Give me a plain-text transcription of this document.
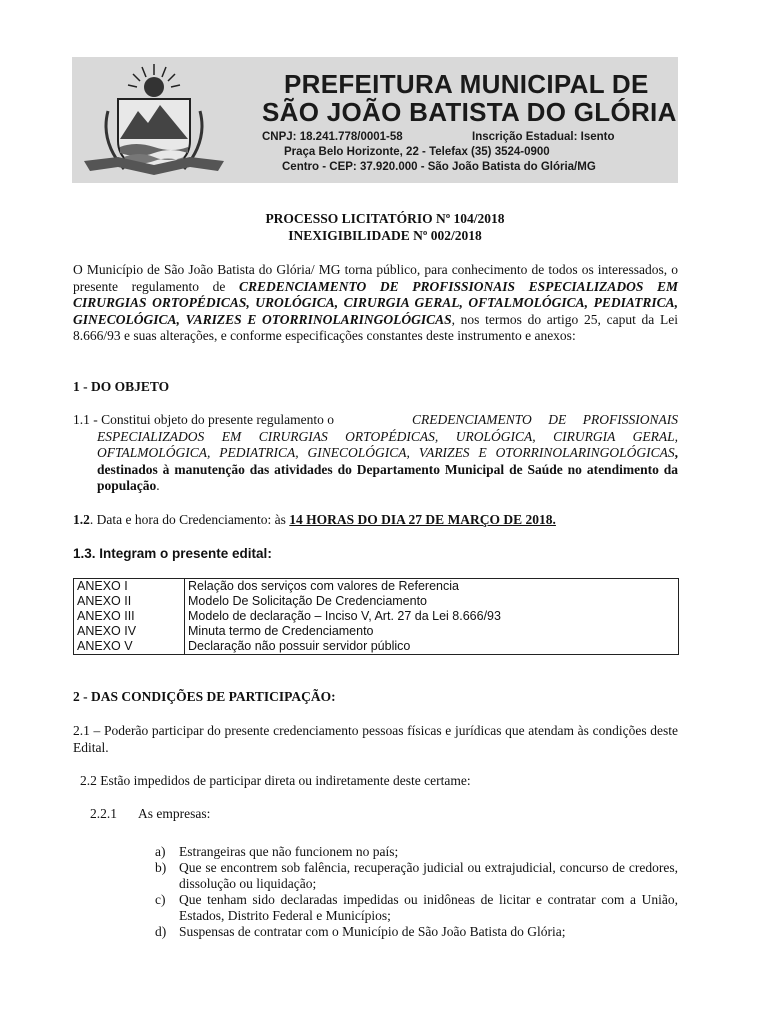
PREFEITURA MUNICIPAL DE
SÃO JOÃO BATISTA DO GLÓRIA
CNPJ: 18.241.778/0001-58	Inscrição Estadual: Isento
Praça Belo Horizonte, 22 - Telefax (35) 3524-0900
Centro - CEP: 37.920.000 - São João Batista do Glória/MG
PROCESSO LICITATÓRIO Nº 104/2018
INEXIGIBILIDADE Nº 002/2018
O Município de São João Batista do Glória/ MG torna público, para conhecimento de todos os interessados, o presente regulamento de CREDENCIAMENTO DE PROFISSIONAIS ESPECIALIZADOS EM CIRURGIAS ORTOPÉDICAS, UROLÓGICA, CIRURGIA GERAL, OFTALMOLÓGICA, PEDIATRICA, GINECOLÓGICA, VARIZES E OTORRINOLARINGOLÓGICAS, nos termos do artigo 25, caput da Lei 8.666/93 e suas alterações, e conforme especificações constantes deste instrumento e anexos:
1 - DO OBJETO
1.1 - Constitui objeto do presente regulamento o	CREDENCIAMENTO DE PROFISSIONAIS ESPECIALIZADOS EM CIRURGIAS ORTOPÉDICAS, UROLÓGICA, CIRURGIA GERAL, OFTALMOLÓGICA, PEDIATRICA, GINECOLÓGICA, VARIZES E OTORRINOLARINGOLÓGICAS, destinados à manutenção das atividades do Departamento Municipal de Saúde no atendimento da população.
1.2. Data e hora do Credenciamento: às 14 HORAS DO DIA 27 DE MARÇO DE 2018.
1.3. Integram o presente edital:
ANEXO I	Relação dos serviços com valores de Referencia
ANEXO II	Modelo De Solicitação De Credenciamento
ANEXO III	Modelo de declaração – Inciso V, Art. 27 da Lei 8.666/93
ANEXO IV	Minuta termo de Credenciamento
ANEXO V	Declaração não possuir servidor público
2 - DAS CONDIÇÕES DE PARTICIPAÇÃO:
2.1 – Poderão participar do presente credenciamento pessoas físicas e jurídicas que atendam às condições deste Edital.
2.2 Estão impedidos de participar direta ou indiretamente deste certame:
2.2.1 As empresas:
a) Estrangeiras que não funcionem no país;
b) Que se encontrem sob falência, recuperação judicial ou extrajudicial, concurso de credores, dissolução ou liquidação;
c) Que tenham sido declaradas impedidas ou inidôneas de licitar e contratar com a União, Estados, Distrito Federal e Municípios;
d) Suspensas de contratar com o Município de São João Batista do Glória;
